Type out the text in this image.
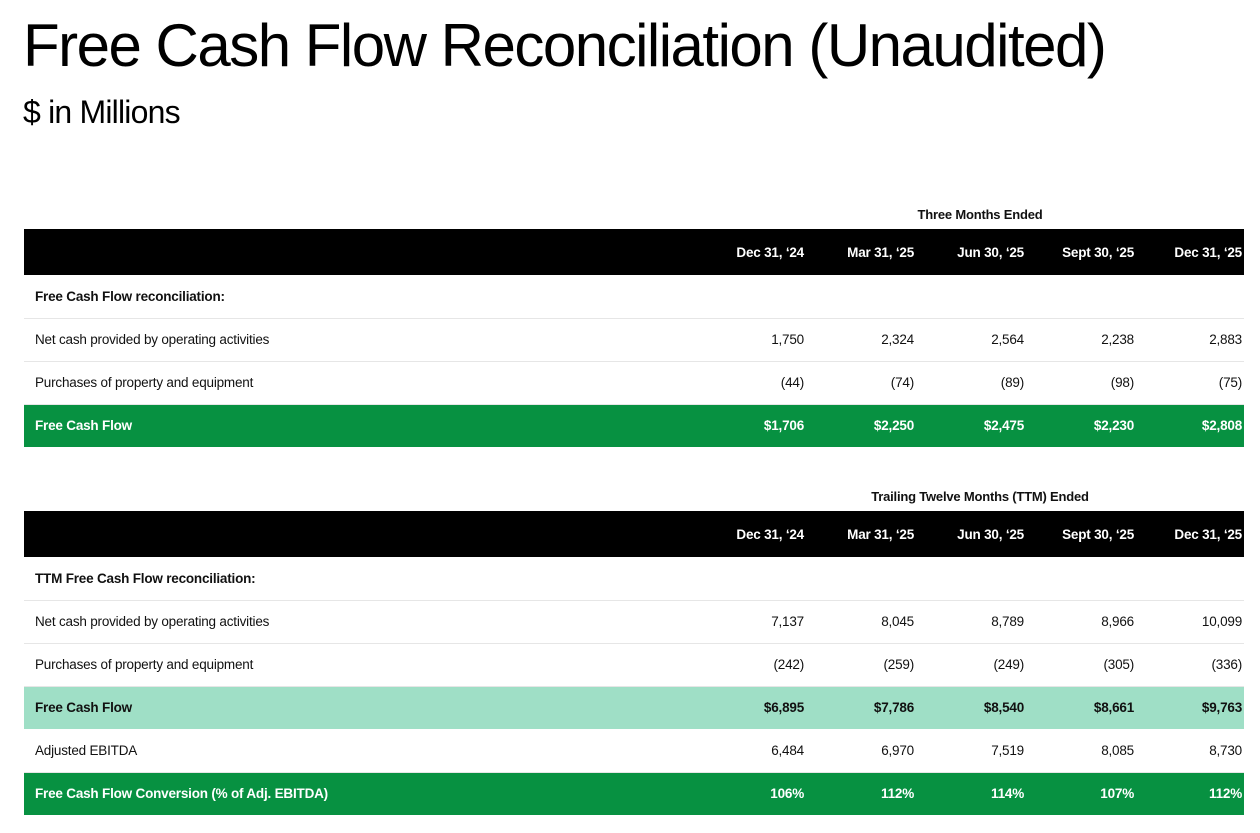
Free Cash Flow Reconciliation (Unaudited)
$ in Millions
Three Months Ended
	Dec 31, ‘24	Mar 31, ‘25	Jun 30, ‘25	Sept 30, ‘25	Dec 31, ‘25
Free Cash Flow reconciliation:					
Net cash provided by operating activities	1,750	2,324	2,564	2,238	2,883
Purchases of property and equipment	(44)	(74)	(89)	(98)	(75)
Free Cash Flow	$1,706	$2,250	$2,475	$2,230	$2,808
Trailing Twelve Months (TTM) Ended
	Dec 31, ‘24	Mar 31, ‘25	Jun 30, ‘25	Sept 30, ‘25	Dec 31, ‘25
TTM Free Cash Flow reconciliation:					
Net cash provided by operating activities	7,137	8,045	8,789	8,966	10,099
Purchases of property and equipment	(242)	(259)	(249)	(305)	(336)
Free Cash Flow	$6,895	$7,786	$8,540	$8,661	$9,763
Adjusted EBITDA	6,484	6,970	7,519	8,085	8,730
Free Cash Flow Conversion (% of Adj. EBITDA)	106%	112%	114%	107%	112%
